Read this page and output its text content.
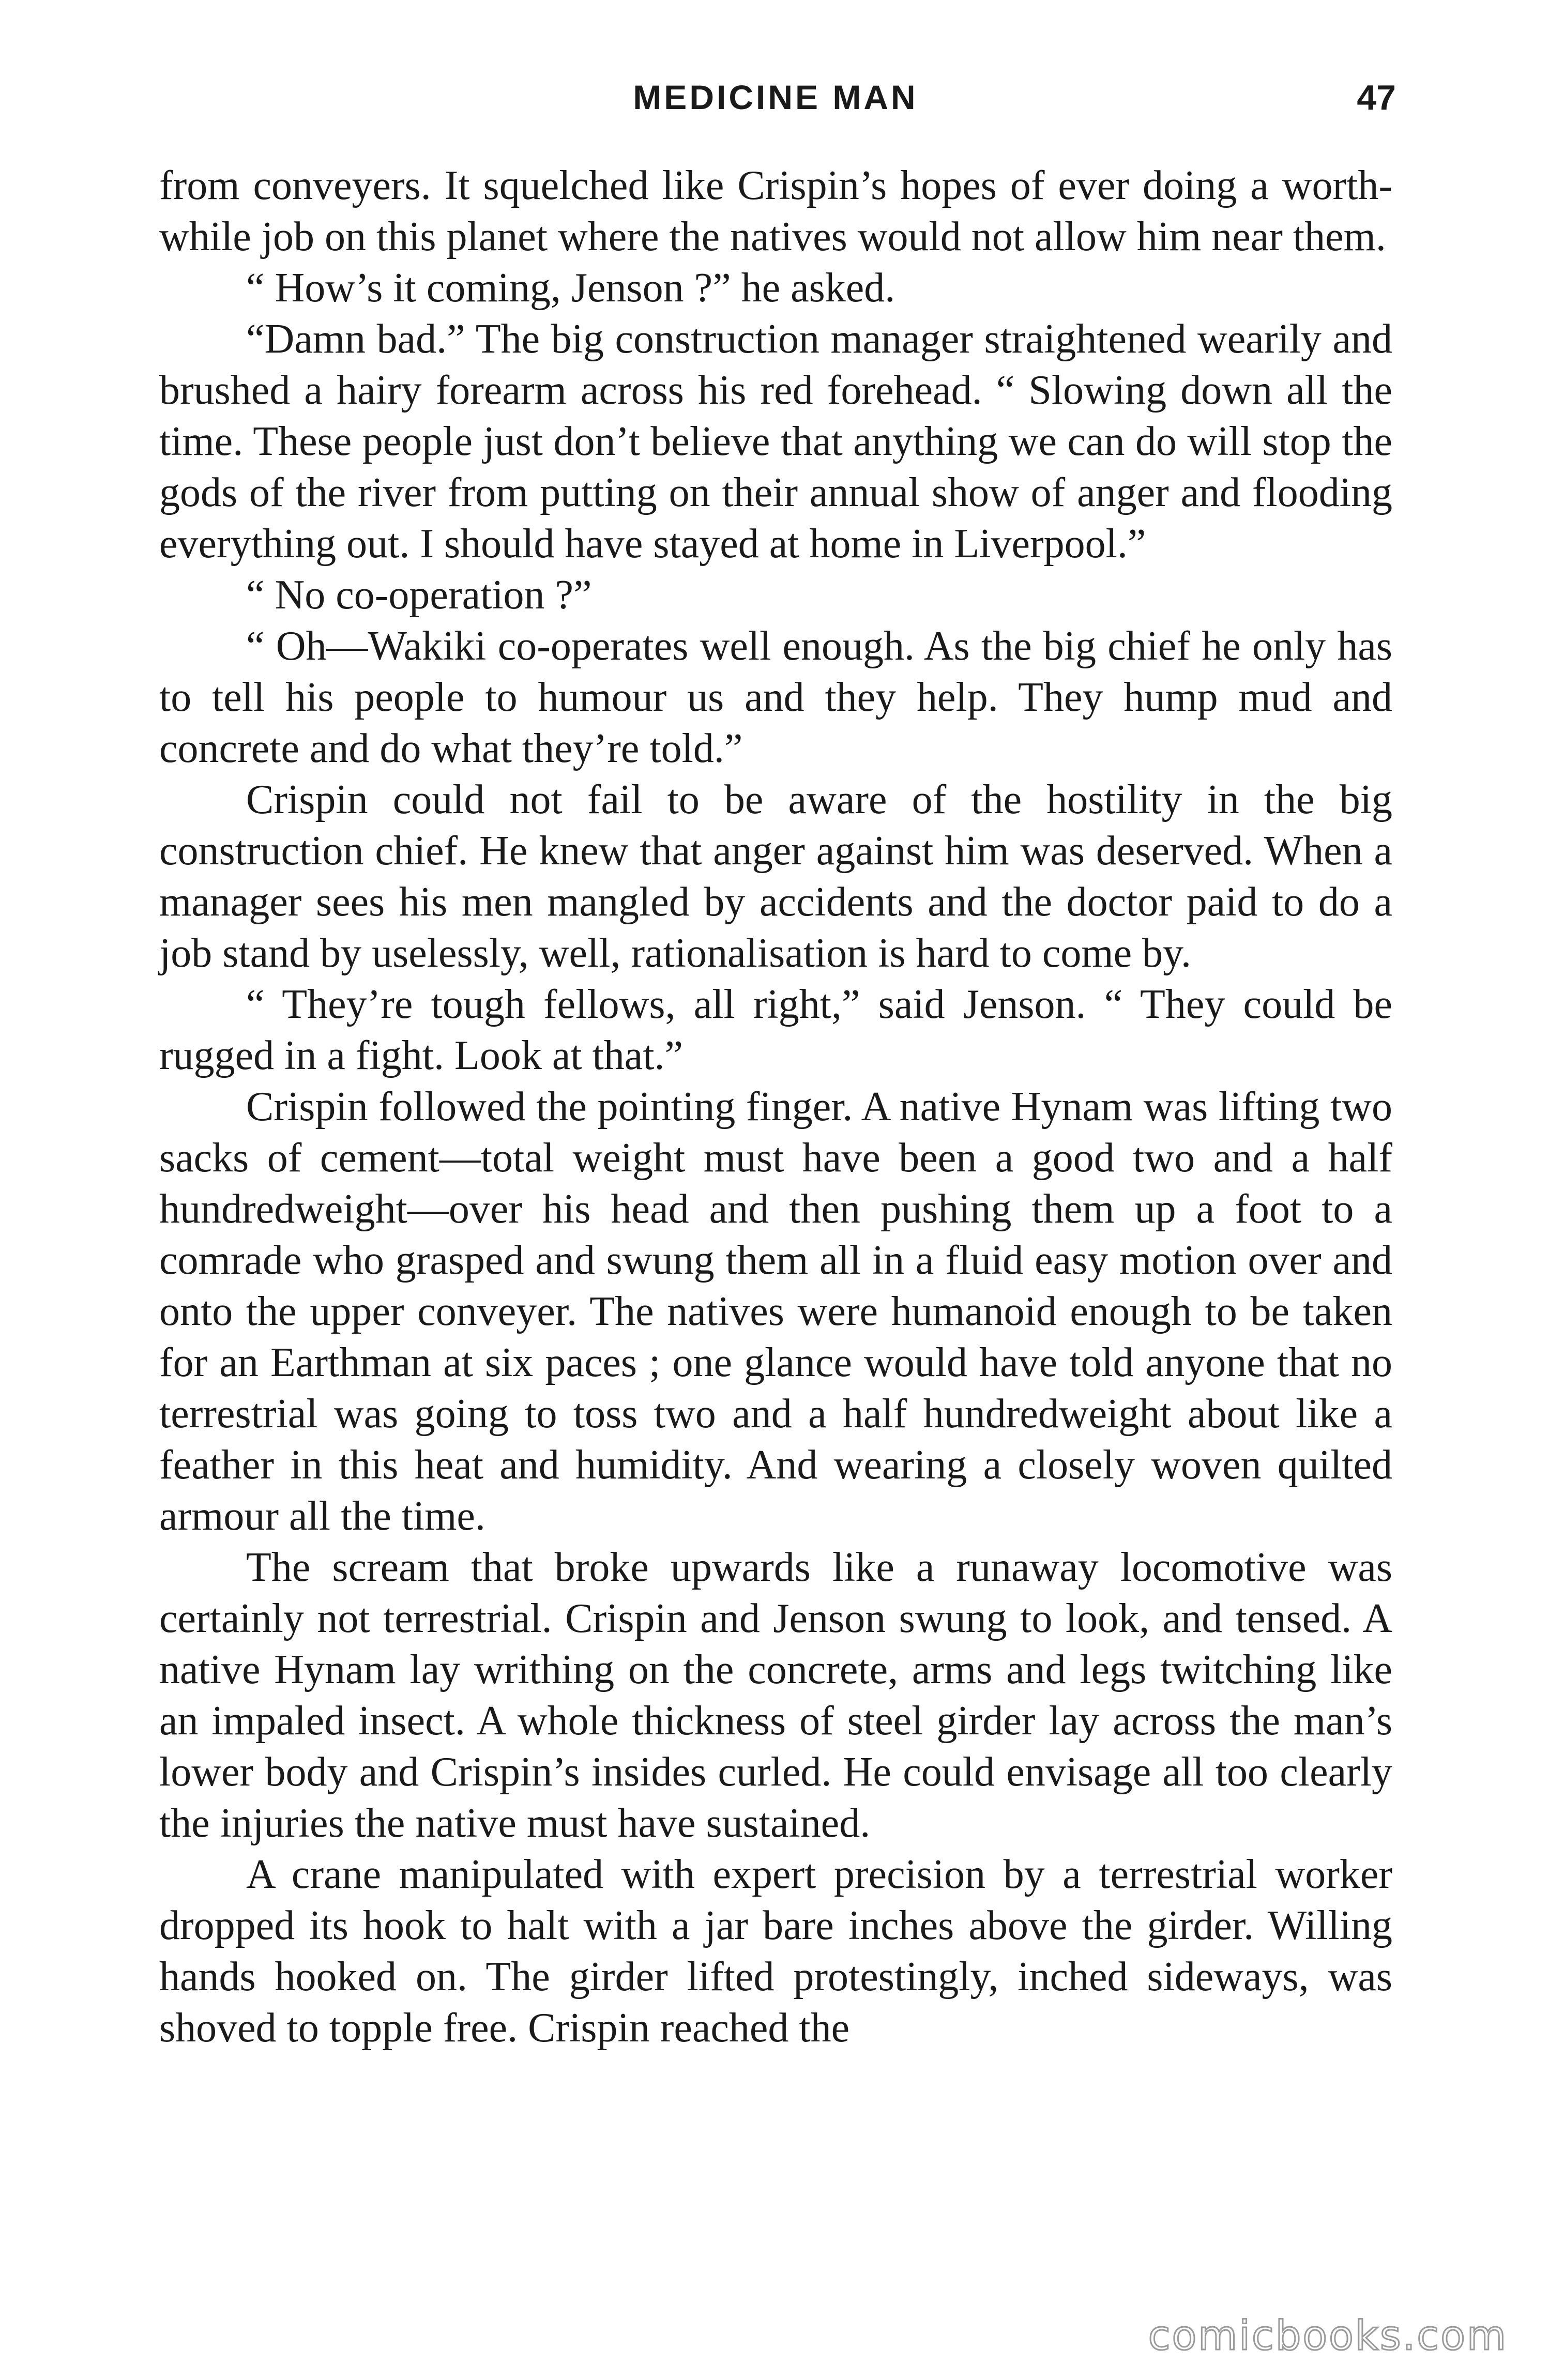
MEDICINE MAN	47

from conveyers. It squelched like Crispin’s hopes of ever doing a worth-while job on this planet where the natives would not allow him near them.

“ How’s it coming, Jenson ?” he asked.

“Damn bad.” The big construction manager straightened wearily and brushed a hairy forearm across his red forehead. “ Slowing down all the time. These people just don’t believe that anything we can do will stop the gods of the river from putting on their annual show of anger and flooding everything out. I should have stayed at home in Liverpool.”

“ No co-operation ?”

“ Oh—Wakiki co-operates well enough. As the big chief he only has to tell his people to humour us and they help. They hump mud and concrete and do what they’re told.”

Crispin could not fail to be aware of the hostility in the big construction chief. He knew that anger against him was deserved. When a manager sees his men mangled by accidents and the doctor paid to do a job stand by uselessly, well, rationalisation is hard to come by.

“ They’re tough fellows, all right,” said Jenson. “ They could be rugged in a fight. Look at that.”

Crispin followed the pointing finger. A native Hynam was lifting two sacks of cement—total weight must have been a good two and a half hundredweight—over his head and then pushing them up a foot to a comrade who grasped and swung them all in a fluid easy motion over and onto the upper conveyer. The natives were humanoid enough to be taken for an Earthman at six paces ; one glance would have told anyone that no terrestrial was going to toss two and a half hundredweight about like a feather in this heat and humidity. And wearing a closely woven quilted armour all the time.

The scream that broke upwards like a runaway locomotive was certainly not terrestrial. Crispin and Jenson swung to look, and tensed. A native Hynam lay writhing on the concrete, arms and legs twitching like an impaled insect. A whole thickness of steel girder lay across the man’s lower body and Crispin’s insides curled. He could envisage all too clearly the injuries the native must have sustained.

A crane manipulated with expert precision by a terrestrial worker dropped its hook to halt with a jar bare inches above the girder. Willing hands hooked on. The girder lifted protestingly, inched sideways, was shoved to topple free. Crispin reached the

comicbooks.com
